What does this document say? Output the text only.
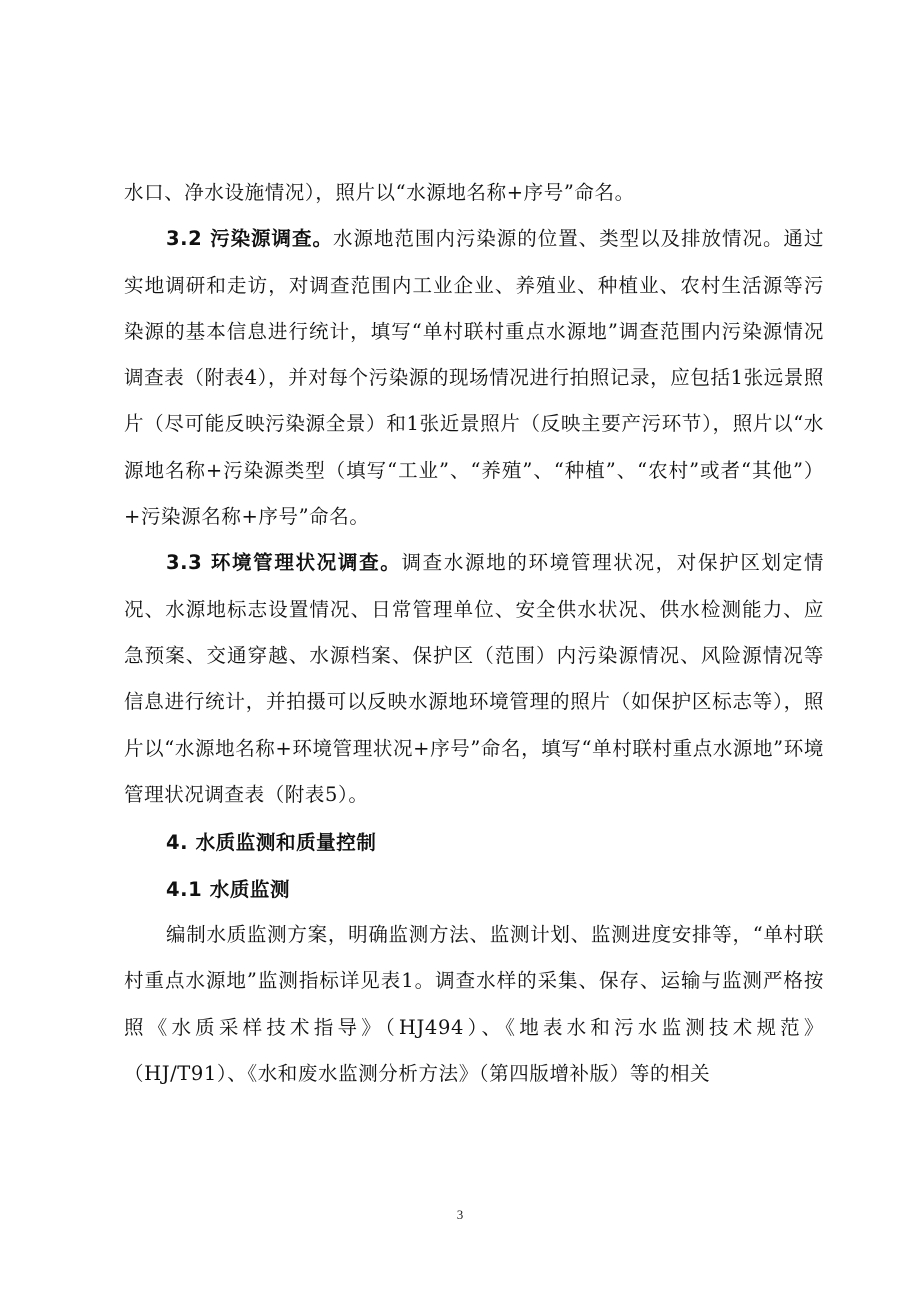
水口、净水设施情况），照片以“水源地名称+序号”命名。

3.2 污染源调查。水源地范围内污染源的位置、类型以及排放情况。通过实地调研和走访，对调查范围内工业企业、养殖业、种植业、农村生活源等污染源的基本信息进行统计，填写“单村联村重点水源地”调查范围内污染源情况调查表（附表4），并对每个污染源的现场情况进行拍照记录，应包括1张远景照片（尽可能反映污染源全景）和1张近景照片（反映主要产污环节），照片以“水源地名称+污染源类型（填写“工业”、“养殖”、“种植”、“农村”或者“其他”）+污染源名称+序号”命名。

3.3 环境管理状况调查。调查水源地的环境管理状况，对保护区划定情况、水源地标志设置情况、日常管理单位、安全供水状况、供水检测能力、应急预案、交通穿越、水源档案、保护区（范围）内污染源情况、风险源情况等信息进行统计，并拍摄可以反映水源地环境管理的照片（如保护区标志等），照片以“水源地名称+环境管理状况+序号”命名，填写“单村联村重点水源地”环境管理状况调查表（附表5）。

4. 水质监测和质量控制

4.1 水质监测

编制水质监测方案，明确监测方法、监测计划、监测进度安排等，“单村联村重点水源地”监测指标详见表1。调查水样的采集、保存、运输与监测严格按照《水质采样技术指导》（HJ494）、《地表水和污水监测技术规范》（HJ/T91）、《水和废水监测分析方法》（第四版增补版）等的相关

3
